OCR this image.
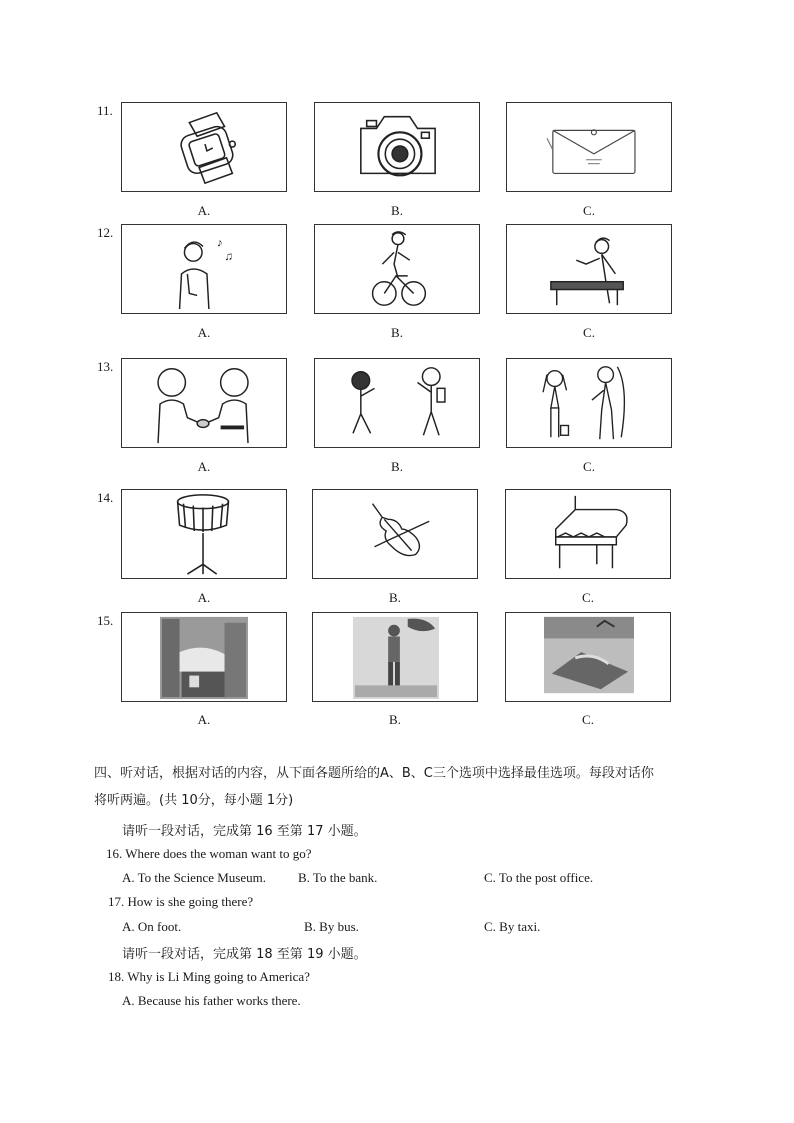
11.
A.	B.	C.
12.
♪
♫
A.	B.	C.
13.
A.	B.	C.
14.
A.	B.	C.
15.
A.	B.	C.
四、听对话，根据对话的内容，从下面各题所给的A、B、C三个选项中选择最佳选项。每段对话你
将听两遍。(共 10分，每小题 1分)
请听一段对话，完成第 16 至第 17 小题。
16. Where does the woman want to go?
A. To the Science Museum. B. To the bank.	C. To the post office.
17. How is she going there?
A. On foot.	B. By bus.	C. By taxi.
请听一段对话，完成第 18 至第 19 小题。
18. Why is Li Ming going to America?
A. Because his father works there.
